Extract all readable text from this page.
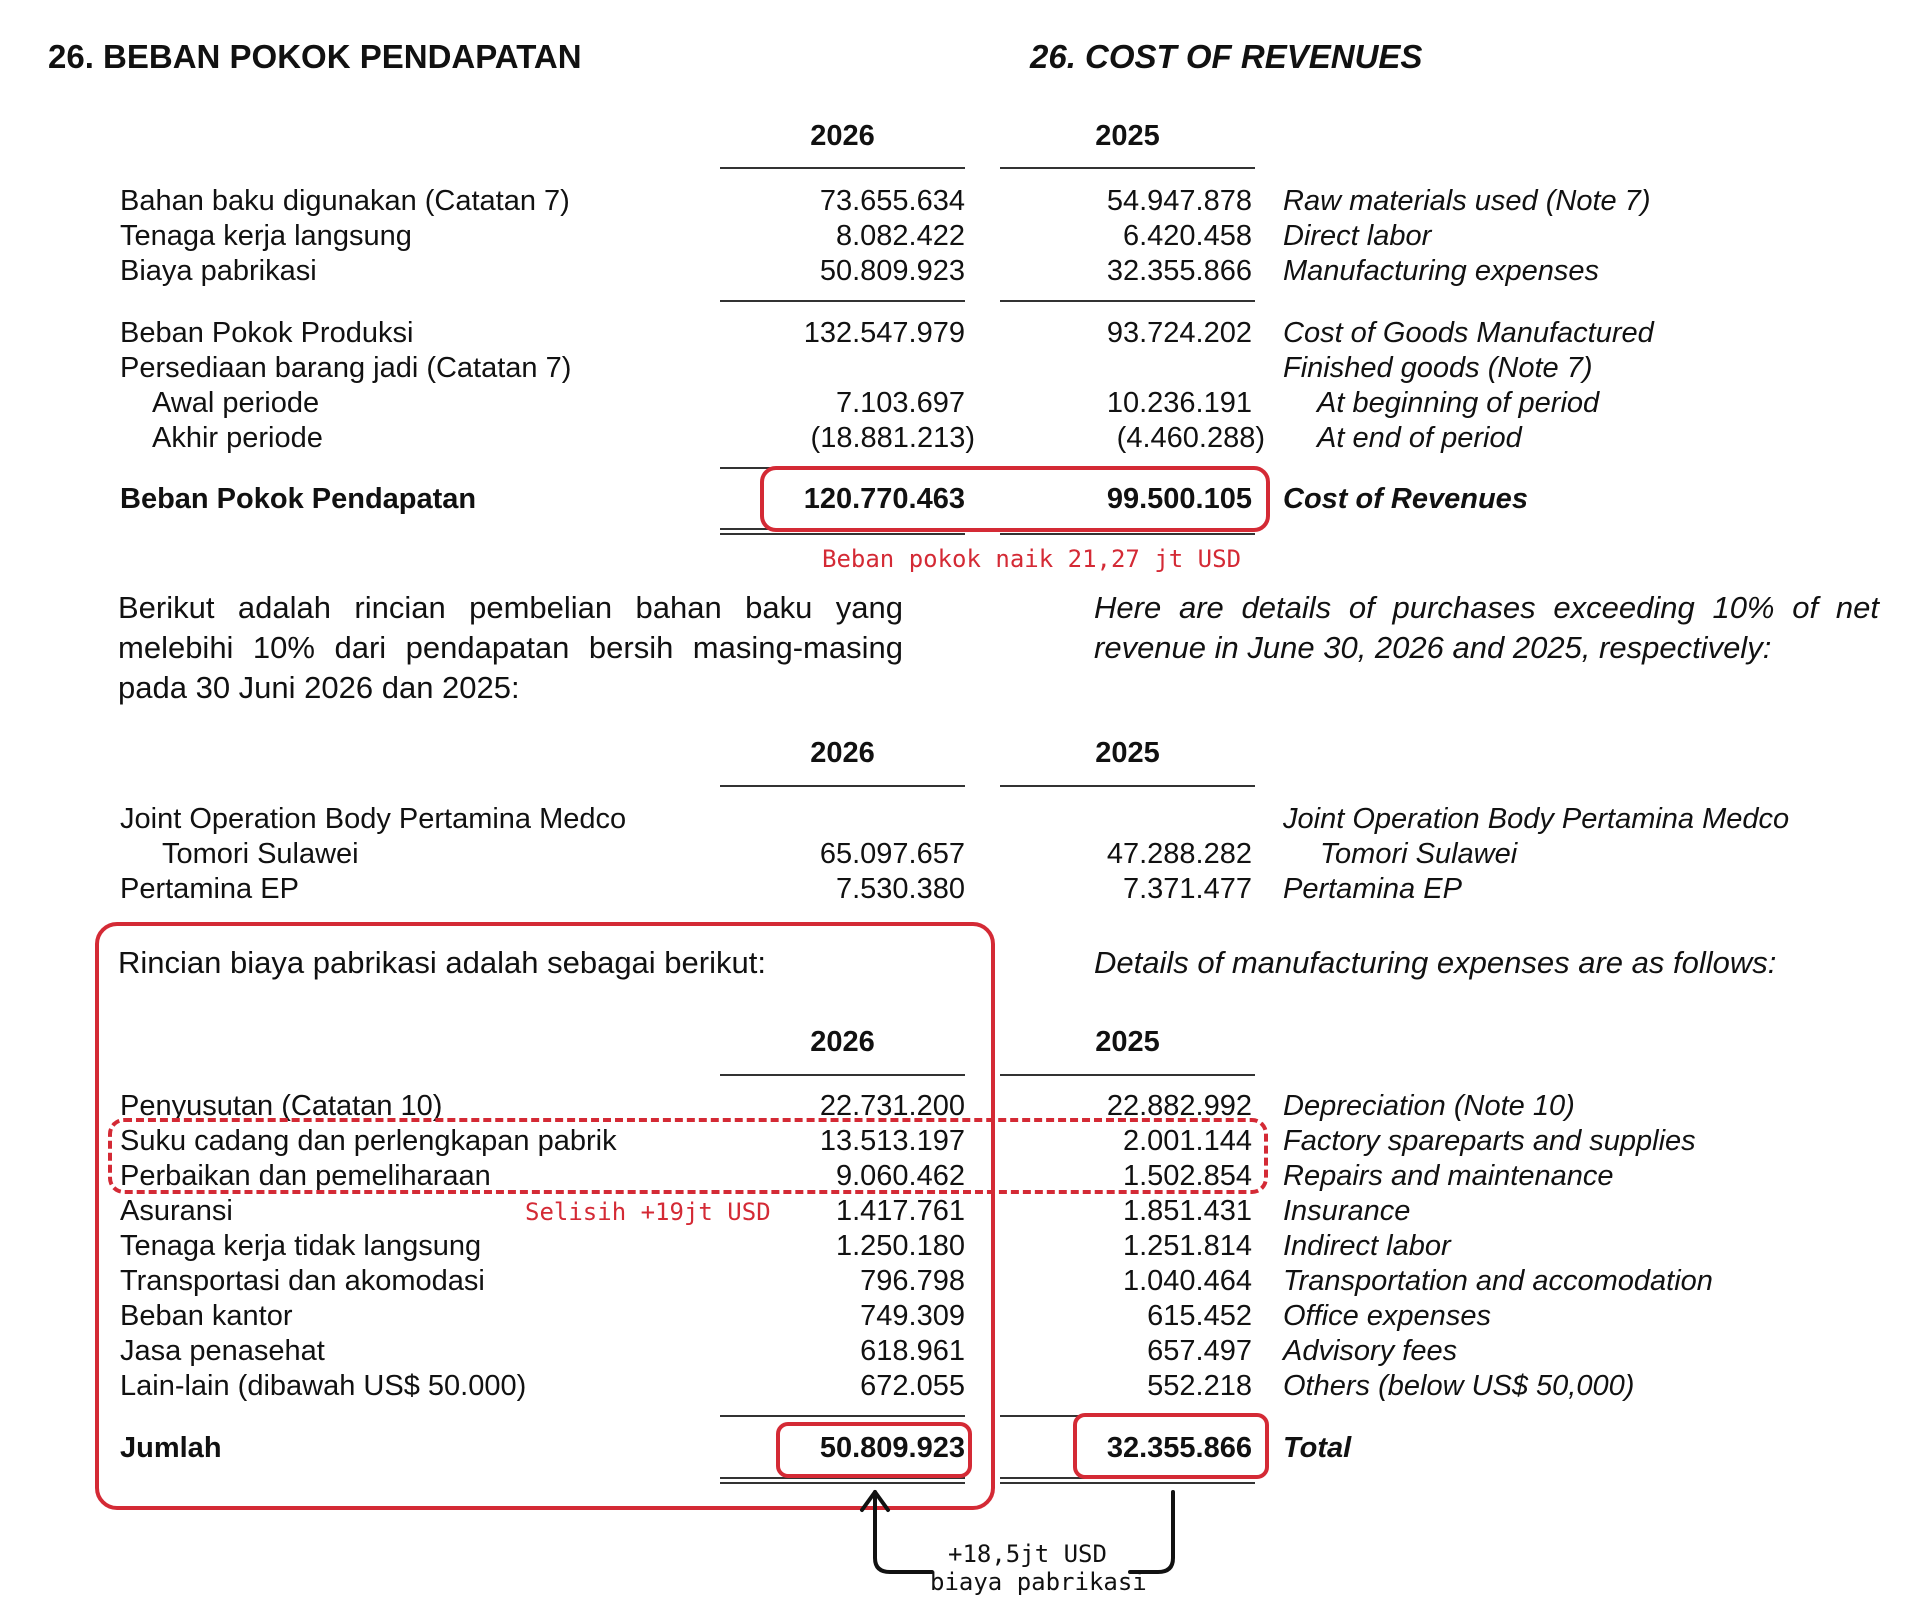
26. BEBAN POKOK PENDAPATAN	26. COST OF REVENUES
2026	2025
Bahan baku digunakan (Catatan 7)	73.655.634	54.947.878 Raw materials used (Note 7)
Tenaga kerja langsung	8.082.422	6.420.458 Direct labor
Biaya pabrikasi	50.809.923	32.355.866 Manufacturing expenses
Beban Pokok Produksi	132.547.979	93.724.202 Cost of Goods Manufactured
Persediaan barang jadi (Catatan 7)	Finished goods (Note 7)
Awal periode	7.103.697	10.236.191 At beginning of period
Akhir periode	(18.881.213)	(4.460.288) At end of period
Beban Pokok Pendapatan	120.770.463	99.500.105 Cost of Revenues
Beban pokok naik 21,27 jt USD
Berikut adalah rincian pembelian bahan baku yang melebihi 10% dari pendapatan bersih masing-masing pada 30 Juni 2026 dan 2025:
Here are details of purchases exceeding 10% of net revenue in June 30, 2026 and 2025, respectively:
2026	2025
Joint Operation Body Pertamina Medco	Joint Operation Body Pertamina Medco
Tomori Sulawei	65.097.657	47.288.282 Tomori Sulawei
Pertamina EP	7.530.380	7.371.477 Pertamina EP
Rincian biaya pabrikasi adalah sebagai berikut:	Details of manufacturing expenses are as follows:
2026	2025
Penyusutan (Catatan 10)	22.731.200	22.882.992 Depreciation (Note 10)
Suku cadang dan perlengkapan pabrik	13.513.197	2.001.144 Factory spareparts and supplies
Perbaikan dan pemeliharaan	9.060.462	1.502.854 Repairs and maintenance
Asuransi	1.417.761	1.851.431 Insurance
Tenaga kerja tidak langsung	1.250.180	1.251.814 Indirect labor
Transportasi dan akomodasi	796.798	1.040.464 Transportation and accomodation
Beban kantor	749.309	615.452 Office expenses
Jasa penasehat	618.961	657.497 Advisory fees
Lain-lain (dibawah US$ 50.000)	672.055	552.218 Others (below US$ 50,000)
Selisih +19jt USD
Jumlah	50.809.923	32.355.866 Total
+18,5jt USD
biaya pabrikasi
